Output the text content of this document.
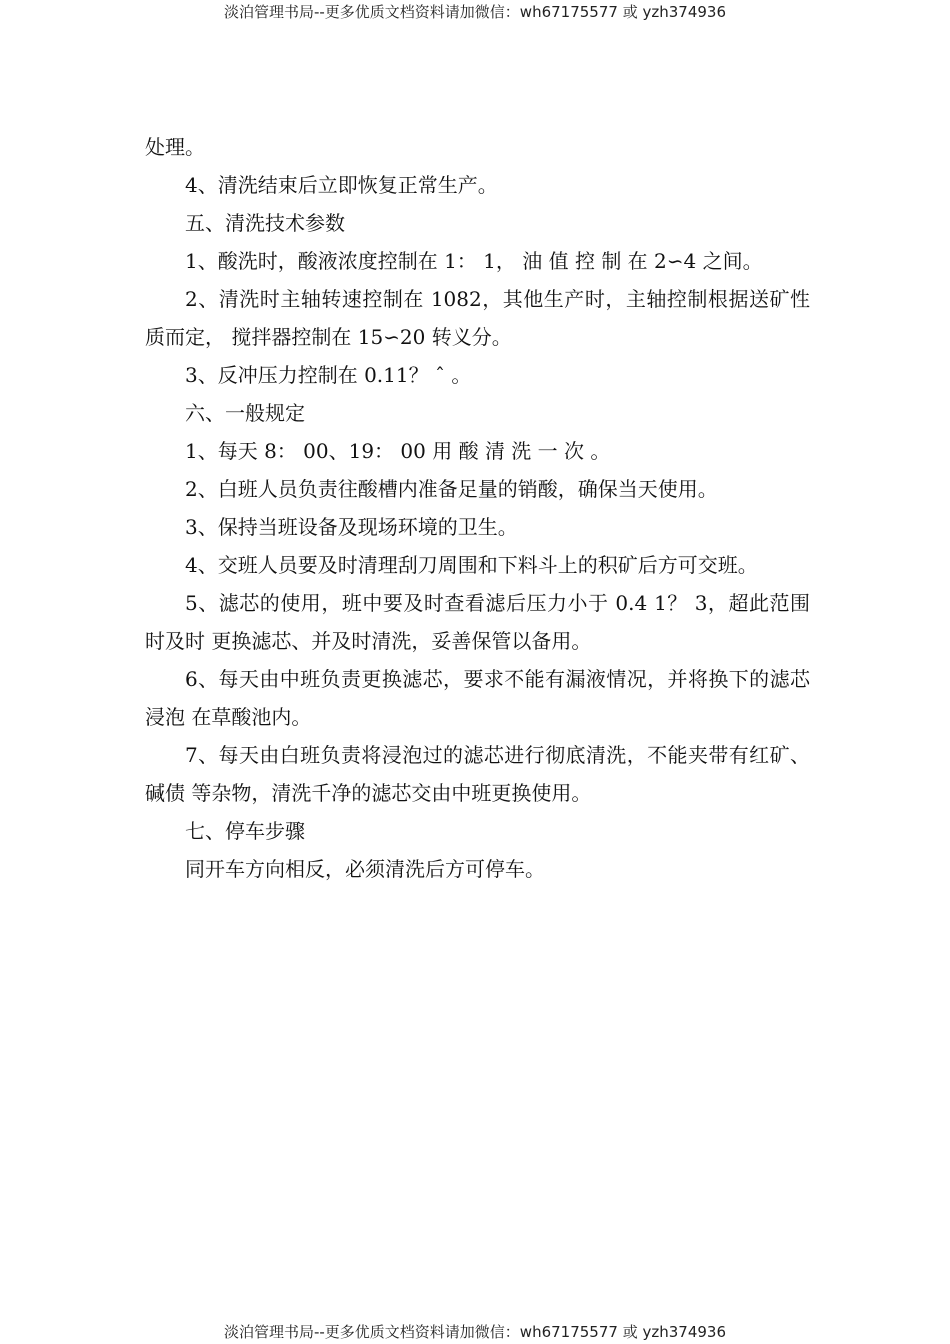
淡泊管理书局--更多优质文档资料请加微信：wh67175577 或 yzh374936

处理。

4、清洗结束后立即恢复正常生产。

五、清洗技术参数

1、酸洗时，酸液浓度控制在 1： 1， 油 值 控 制 在 2∽4 之间。

2、清洗时主轴转速控制在 1082，其他生产时，主轴控制根据送矿性质而定， 搅拌器控制在 15∽20 转义分。

3、反冲压力控制在 0.11？ ˆ 。

六、一般规定

1、每天 8： 00、19： 00 用 酸 清 洗 一 次 。

2、白班人员负责往酸槽内准备足量的销酸，确保当天使用。

3、保持当班设备及现场环境的卫生。

4、交班人员要及时清理刮刀周围和下料斗上的积矿后方可交班。

5、滤芯的使用，班中要及时查看滤后压力小于 0.4 1？ 3，超此范围时及时 更换滤芯、并及时清洗，妥善保管以备用。

6、每天由中班负责更换滤芯，要求不能有漏液情况，并将换下的滤芯浸泡 在草酸池内。

7、每天由白班负责将浸泡过的滤芯进行彻底清洗，不能夹带有红矿、碱债 等杂物，清洗千净的滤芯交由中班更换使用。

七、停车步骤

同开车方向相反，必须清洗后方可停车。

淡泊管理书局--更多优质文档资料请加微信：wh67175577 或 yzh374936
